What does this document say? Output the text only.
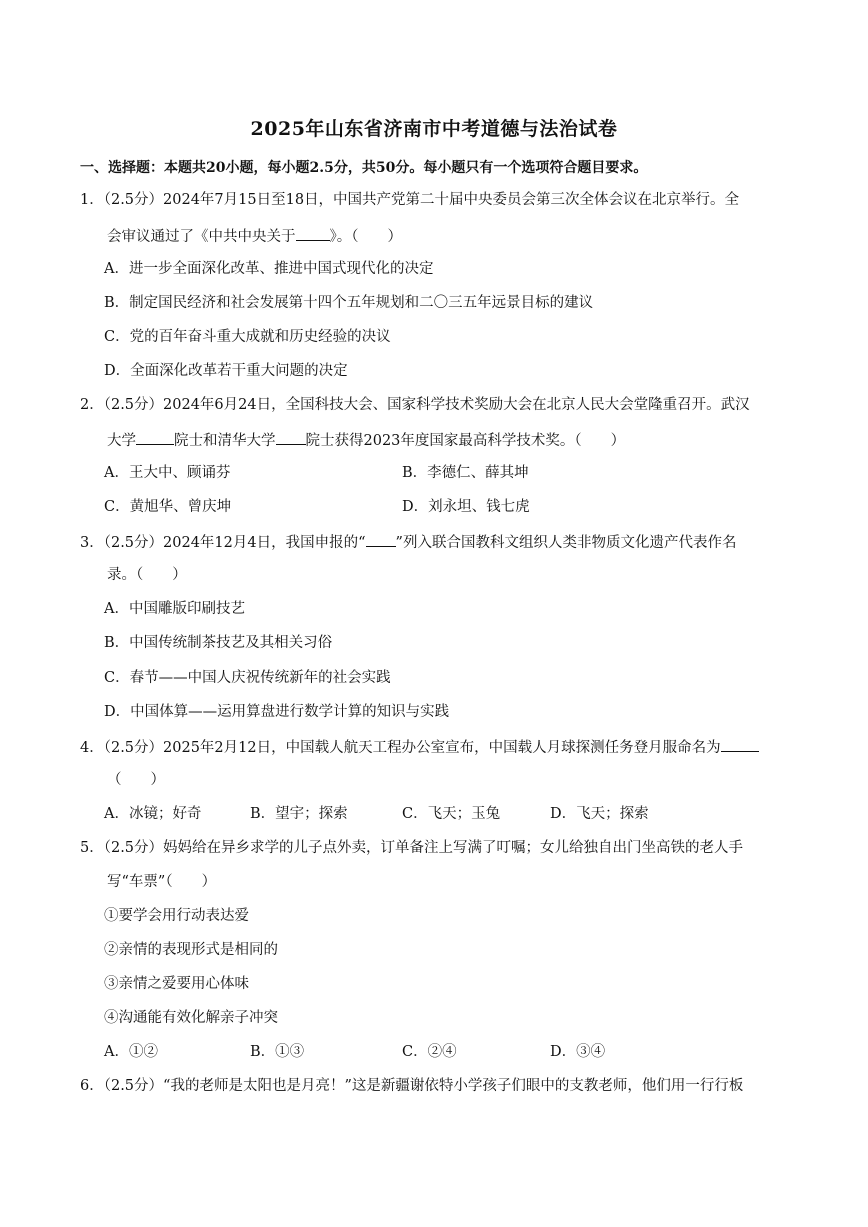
2025年山东省济南市中考道德与法治试卷
一、选择题：本题共20小题，每小题2.5分，共50分。每小题只有一个选项符合题目要求。
1．（2.5分）2024年7月15日至18日，中国共产党第二十届中央委员会第三次全体会议在北京举行。全
会审议通过了《中共中央关于 》。（　　）
A．进一步全面深化改革、推进中国式现代化的决定
B．制定国民经济和社会发展第十四个五年规划和二〇三五年远景目标的建议
C．党的百年奋斗重大成就和历史经验的决议
D．全面深化改革若干重大问题的决定
2．（2.5分）2024年6月24日，全国科技大会、国家科学技术奖励大会在北京人民大会堂隆重召开。武汉
大学	院士和清华大学 院士获得2023年度国家最高科学技术奖。（　　）
A．王大中、顾诵芬	B．李德仁、薛其坤
C．黄旭华、曾庆坤	D．刘永坦、钱七虎
3．（2.5分）2024年12月4日，我国申报的“ ”列入联合国教科文组织人类非物质文化遗产代表作名
录。（　　）
A．中国雕版印刷技艺
B．中国传统制茶技艺及其相关习俗
C．春节——中国人庆祝传统新年的社会实践
D．中国体算——运用算盘进行数学计算的知识与实践
4．（2.5分）2025年2月12日，中国载人航天工程办公室宣布，中国载人月球探测任务登月服命名为
（　　）
A．冰镜；好奇	B．望宇；探索	C．飞天；玉兔	D．飞天；探索
5．（2.5分）妈妈给在异乡求学的儿子点外卖，订单备注上写满了叮嘱；女儿给独自出门坐高铁的老人手
写“车票”（　　）
①要学会用行动表达爱
②亲情的表现形式是相同的
③亲情之爱要用心体味
④沟通能有效化解亲子冲突
A．①②	B．①③	C．②④	D．③④
6．（2.5分）“我的老师是太阳也是月亮！”这是新疆谢依特小学孩子们眼中的支教老师，他们用一行行板
